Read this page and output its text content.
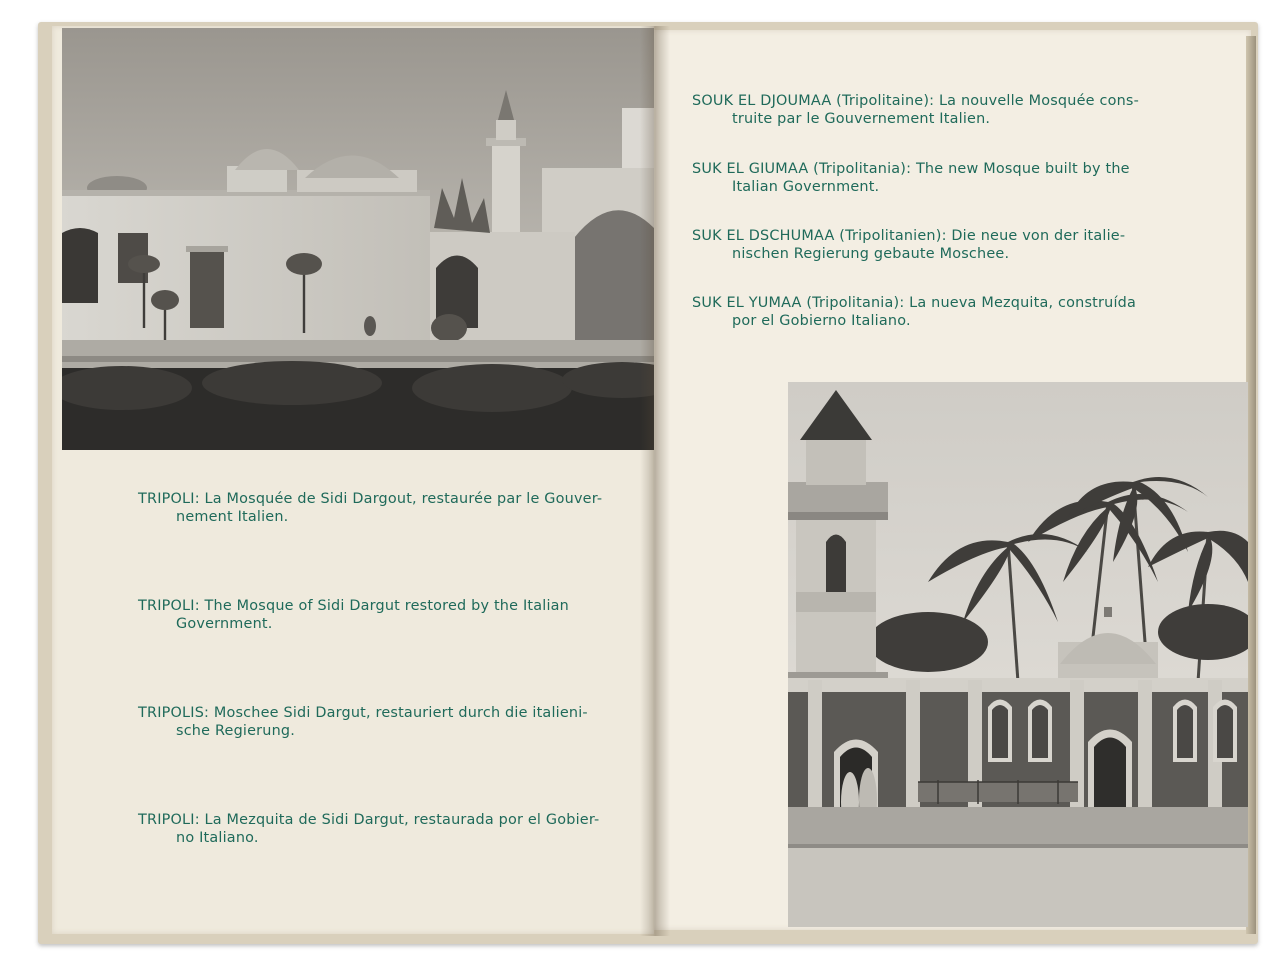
TRIPOLI: La Mosquée de Sidi Dargout, restaurée par le Gouver-
nement Italien.
TRIPOLI: The Mosque of Sidi Dargut restored by the Italian
Government.
TRIPOLIS: Moschee Sidi Dargut, restauriert durch die italieni-
sche Regierung.
TRIPOLI: La Mezquita de Sidi Dargut, restaurada por el Gobier-
no Italiano.
SOUK EL DJOUMAA (Tripolitaine): La nouvelle Mosquée cons-
truite par le Gouvernement Italien.
SUK EL GIUMAA (Tripolitania): The new Mosque built by the
Italian Government.
SUK EL DSCHUMAA (Tripolitanien): Die neue von der italie-
nischen Regierung gebaute Moschee.
SUK EL YUMAA (Tripolitania): La nueva Mezquita, construída
por el Gobierno Italiano.
